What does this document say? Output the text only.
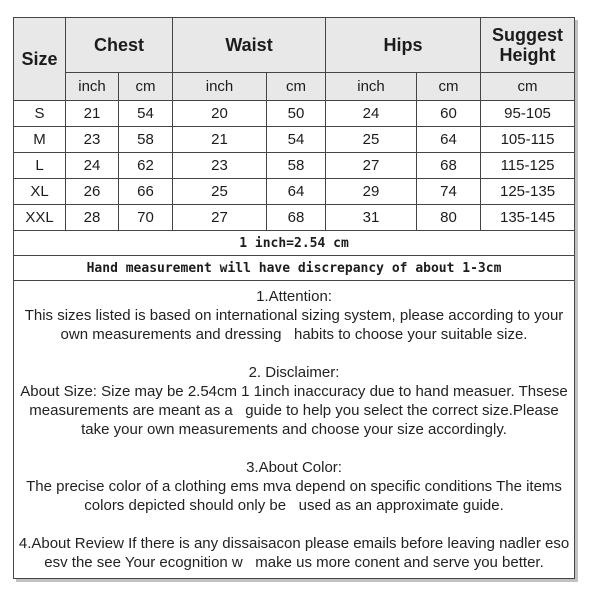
Size	Chest		Waist		Hips		Suggest Height
	inch	cm	inch	cm	inch	cm	cm
S	21	54	20	50	24	60	95-105
M	23	58	21	54	25	64	105-115
L	24	62	23	58	27	68	115-125
XL	26	66	25	64	29	74	125-135
XXL	28	70	27	68	31	80	135-145
1 inch=2.54 cm							
Hand measurement will have discrepancy of about 1-3cm							

1.Attention:
This sizes listed is based on international sizing system, please according to your own measurements and dressing   habits to choose your suitable size.
2. Disclaimer:
About Size: Size may be 2.54cm 1 1inch inaccuracy due to hand measuer. Thsese measurements are meant as a   guide to help you select the correct size.Please take your own measurements and choose your size accordingly.
3.About Color:
The precise color of a clothing ems mva depend on specific conditions The items colors depicted should only be   used as an approximate guide.
4.About Review If there is any dissaisacon please emails before leaving nadler eso esv the see Your ecognition w   make us more conent and serve you better.
